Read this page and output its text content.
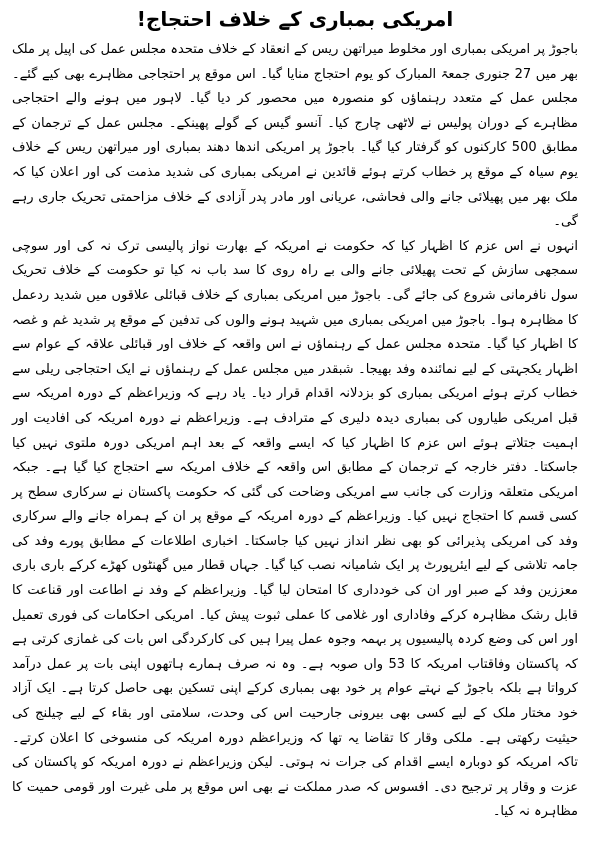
امریکی بمباری کے خلاف احتجاج!

باجوڑ پر امریکی بمباری اور مخلوط میراتھن ریس کے انعقاد کے خلاف متحدہ مجلس عمل کی اپیل پر ملک بھر میں 27 جنوری جمعۃ المبارک کو یوم احتجاج منایا گیا۔ اس موقع پر احتجاجی مظاہرے بھی کیے گئے۔ مجلس عمل کے متعدد رہنماؤں کو منصورہ میں محصور کر دیا گیا۔ لاہور میں ہونے والے احتجاجی مظاہرے کے دوران پولیس نے لاٹھی چارج کیا۔ آنسو گیس کے گولے پھینکے۔ مجلس عمل کے ترجمان کے مطابق 500 کارکنوں کو گرفتار کیا گیا۔ باجوڑ پر امریکی اندھا دھند بمباری اور میراتھن ریس کے خلاف یوم سیاہ کے موقع پر خطاب کرتے ہوئے قائدین نے امریکی بمباری کی شدید مذمت کی اور اعلان کیا کہ ملک بھر میں پھیلائی جانے والی فحاشی، عریانی اور مادر پدر آزادی کے خلاف مزاحمتی تحریک جاری رہے گی۔

انہوں نے اس عزم کا اظہار کیا کہ حکومت نے امریکہ کے بھارت نواز پالیسی ترک نہ کی اور سوچی سمجھی سازش کے تحت پھیلائی جانے والی بے راہ روی کا سد باب نہ کیا تو حکومت کے خلاف تحریک سول نافرمانی شروع کی جائے گی۔ باجوڑ میں امریکی بمباری کے خلاف قبائلی علاقوں میں شدید ردعمل کا مظاہرہ ہوا۔ باجوڑ میں امریکی بمباری میں شہید ہونے والوں کی تدفین کے موقع پر شدید غم و غصہ کا اظہار کیا گیا۔ متحدہ مجلس عمل کے رہنماؤں نے اس واقعہ کے خلاف اور قبائلی علاقہ کے عوام سے اظہار یکجہتی کے لیے نمائندہ وفد بھیجا۔ شبقدر میں مجلس عمل کے رہنماؤں نے ایک احتجاجی ریلی سے خطاب کرتے ہوئے امریکی بمباری کو بزدلانہ اقدام قرار دیا۔ یاد رہے کہ وزیراعظم کے دورہ امریکہ سے قبل امریکی طیاروں کی بمباری دیدہ دلیری کے مترادف ہے۔ وزیراعظم نے دورہ امریکہ کی افادیت اور اہمیت جتلاتے ہوئے اس عزم کا اظہار کیا کہ ایسے واقعہ کے بعد اہم امریکی دورہ ملتوی نہیں کیا جاسکتا۔ دفتر خارجہ کے ترجمان کے مطابق اس واقعہ کے خلاف امریکہ سے احتجاج کیا گیا ہے۔ جبکہ امریکی متعلقہ وزارت کی جانب سے امریکی وضاحت کی گئی کہ حکومت پاکستان نے سرکاری سطح پر کسی قسم کا احتجاج نہیں کیا۔ وزیراعظم کے دورہ امریکہ کے موقع پر ان کے ہمراہ جانے والے سرکاری وفد کی امریکی پذیرائی کو بھی نظر انداز نہیں کیا جاسکتا۔ اخباری اطلاعات کے مطابق پورے وفد کی جامہ تلاشی کے لیے ایئرپورٹ پر ایک شامیانہ نصب کیا گیا۔ جہاں قطار میں گھنٹوں کھڑے کرکے باری باری معززین وفد کے صبر اور ان کی خودداری کا امتحان لیا گیا۔ وزیراعظم کے وفد نے اطاعت اور قناعت کا قابل رشک مظاہرہ کرکے وفاداری اور غلامی کا عملی ثبوت پیش کیا۔ امریکی احکامات کی فوری تعمیل اور اس کی وضع کردہ پالیسیوں پر بہمہ وجوہ عمل پیرا ہیں کی کارکردگی اس بات کی غمازی کرتی ہے کہ پاکستان وفاقتاب امریکہ کا 53 واں صوبہ ہے۔ وہ نہ صرف ہمارے ہاتھوں اپنی بات پر عمل درآمد کرواتا ہے بلکہ باجوڑ کے نہتے عوام پر خود بھی بمباری کرکے اپنی تسکین بھی حاصل کرتا ہے۔ ایک آزاد خود مختار ملک کے لیے کسی بھی بیرونی جارحیت اس کی وحدت، سلامتی اور بقاء کے لیے چیلنج کی حیثیت رکھتی ہے۔ ملکی وقار کا تقاضا یہ تھا کہ وزیراعظم دورہ امریکہ کی منسوخی کا اعلان کرتے۔ تاکہ امریکہ کو دوبارہ ایسے اقدام کی جرات نہ ہوتی۔ لیکن وزیراعظم نے دورہ امریکہ کو پاکستان کی عزت و وقار پر ترجیح دی۔ افسوس کہ صدر مملکت نے بھی اس موقع پر ملی غیرت اور قومی حمیت کا مظاہرہ نہ کیا۔
